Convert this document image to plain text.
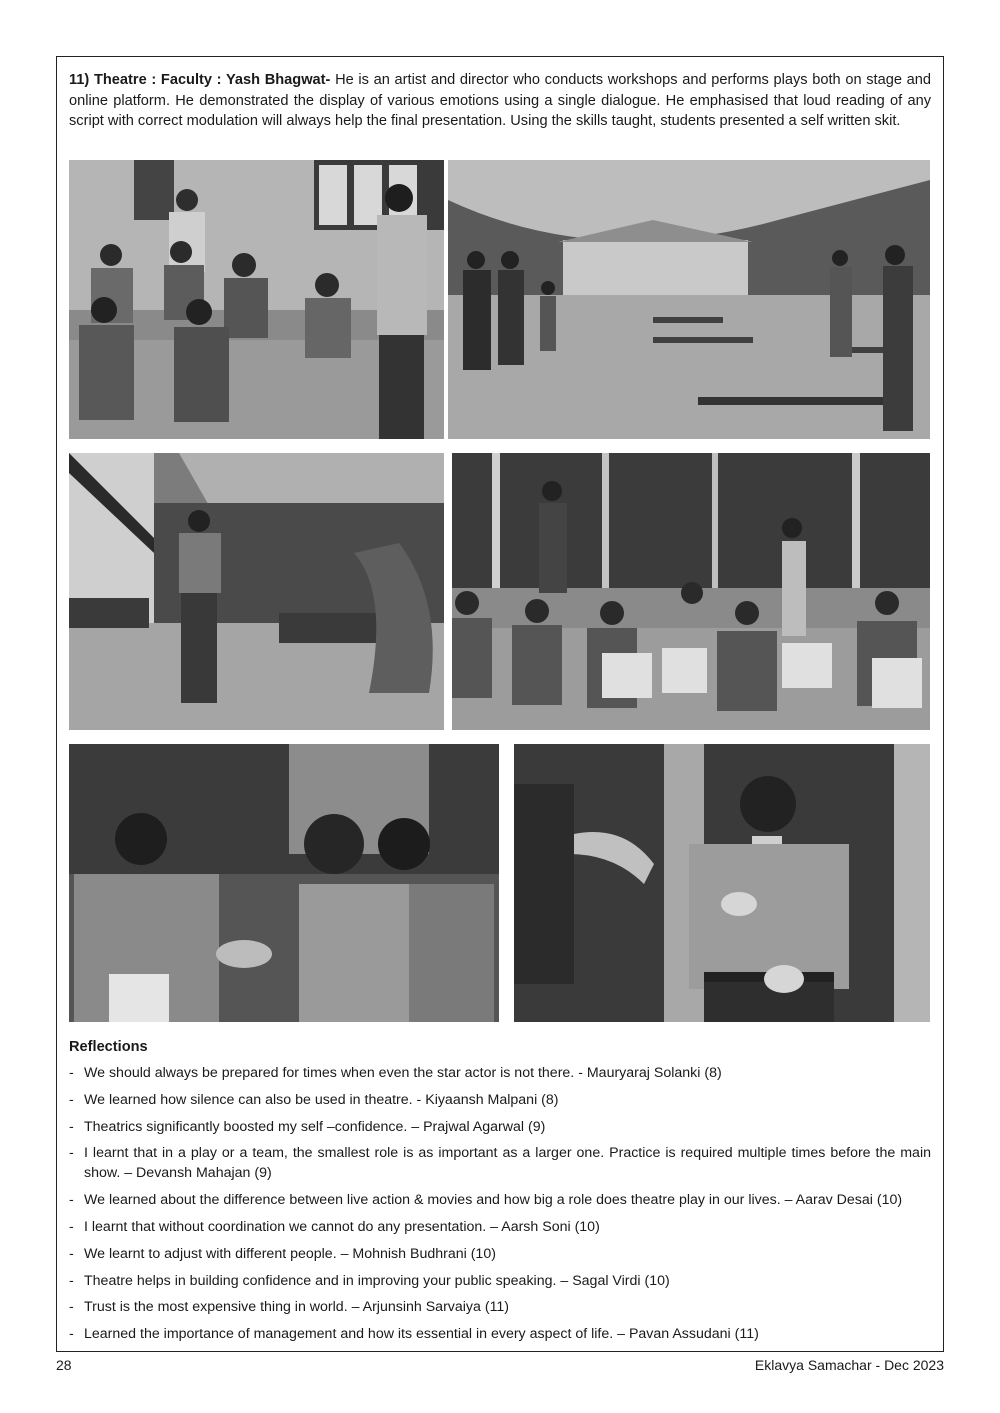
11) Theatre : Faculty : Yash Bhagwat- He is an artist and director who conducts workshops and performs plays both on stage and online platform. He demonstrated the display of various emotions using a single dialogue. He emphasised that loud reading of any script with correct modulation will always help the final presentation. Using the skills taught, students presented a self written skit.

Reflections
- We should always be prepared for times when even the star actor is not there. - Mauryaraj Solanki (8)
- We learned how silence can also be used in theatre. - Kiyaansh Malpani (8)
- Theatrics significantly boosted my self –confidence. – Prajwal Agarwal (9)
- I learnt that in a play or a team, the smallest role is as important as a larger one. Practice is required multiple times before the main show. – Devansh Mahajan (9)
- We learned about the difference between live action & movies and how big a role does theatre play in our lives. – Aarav Desai (10)
- I learnt that without coordination we cannot do any presentation. – Aarsh Soni (10)
- We learnt to adjust with different people. – Mohnish Budhrani (10)
- Theatre helps in building confidence and in improving your public speaking. – Sagal Virdi (10)
- Trust is the most expensive thing in world. – Arjunsinh Sarvaiya (11)
- Learned the importance of management and how its essential in every aspect of life. – Pavan Assudani (11)
28	Eklavya Samachar - Dec 2023
